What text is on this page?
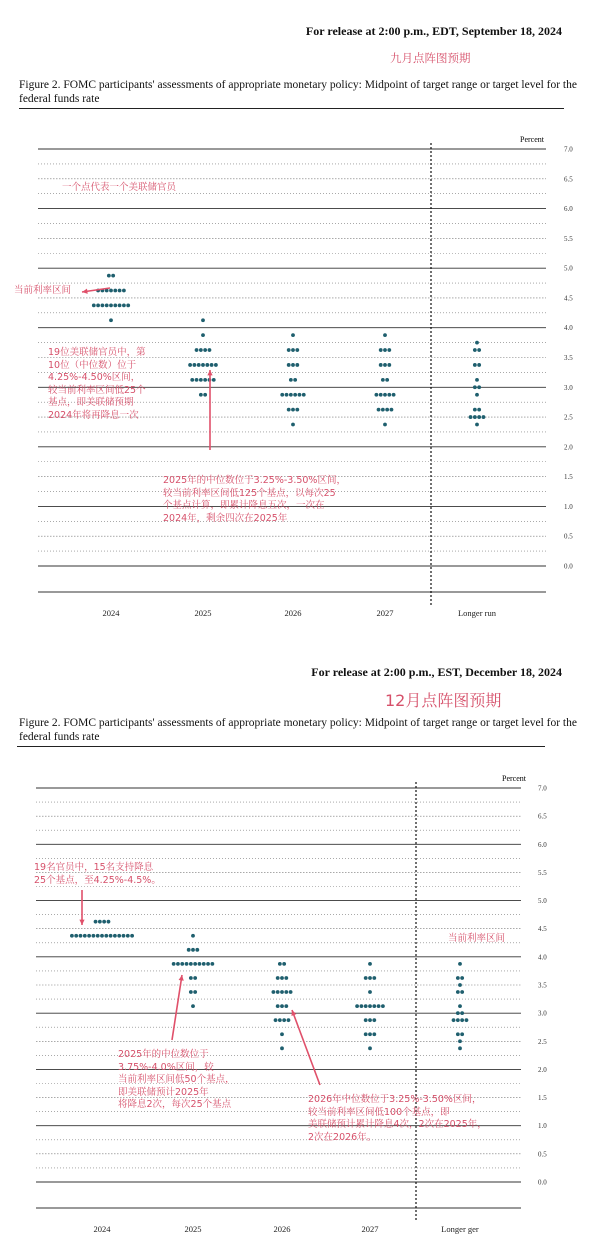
For release at 2:00 p.m., EDT, September 18, 2024
九月点阵图预期
Figure 2. FOMC participants' assessments of appropriate monetary policy: Midpoint of target range or target level for the federal funds rate
7.0
6.5
6.0
5.5
5.0
4.5
4.0
3.5
3.0
2.5
2.0
1.5
1.0
0.5
0.0
Percent
2024	2025	2026	2027	Longer run
一个点代表一个美联储官员
当前利率区间
19位美联储官员中，第
10位（中位数）位于
4.25%-4.50%区间，
较当前利率区间低25个
基点，即美联储预期
2024年将再降息一次
2025年的中位数位于3.25%-3.50%区间，
较当前利率区间低125个基点，以每次25
个基点计算，即累计降息五次，一次在
2024年，剩余四次在2025年
For release at 2:00 p.m., EST, December 18, 2024
12月点阵图预期
Figure 2. FOMC participants' assessments of appropriate monetary policy: Midpoint of target range or target level for the federal funds rate
7.0
6.5
6.0
5.5
5.0
4.5
4.0
3.5
3.0
2.5
2.0
1.5
1.0
0.5
0.0
Percent
2024	2025	2026	2027	Longer ger
19名官员中，15名支持降息
25个基点，至4.25%-4.5%。
当前利率区间
2025年的中位数位于
3.75%-4.0%区间，较
当前利率区间低50个基点，
即美联储预计2025年
将降息2次，每次25个基点	2026年中位数位于3.25%-3.50%区间，
较当前利率区间低100个基点，即
美联储预计累计降息4次，2次在2025年，
2次在2026年。
